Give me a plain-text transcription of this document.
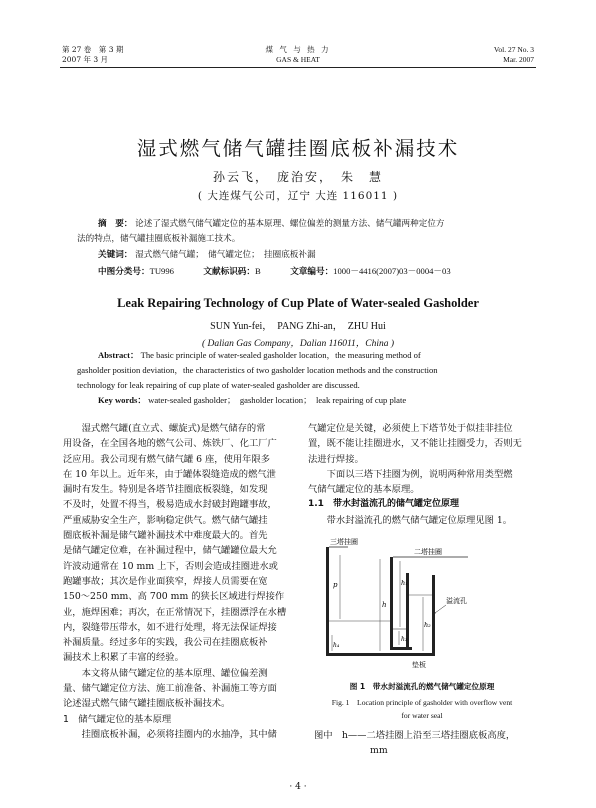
第 27 卷　第 3 期
2007 年 3 月
煤 气 与 热 力
GAS & HEAT
Vol. 27 No. 3
Mar. 2007
湿式燃气储气罐挂圈底板补漏技术
孙云飞，　庞治安，　朱　慧
( 大连煤气公司，辽宁 大连 116011 )
摘　要： 论述了湿式燃气储气罐定位的基本原理、螺位偏差的测量方法、储气罐两种定位方
法的特点，储气罐挂圈底板补漏施工技术。
关键词： 湿式燃气储气罐；　储气罐定位；　挂圈底板补漏
中图分类号：TU996	文献标识码：B	文章编号：1000－4416(2007)03－0004－03
Leak Repairing Technology of Cup Plate of Water-sealed Gasholder
SUN Yun-fei，　PANG Zhi-an，　ZHU Hui
( Dalian Gas Company，Dalian 116011，China )
Abstract： The basic principle of water-sealed gasholder location，the measuring method of
gasholder position deviation，the characteristics of two gasholder location methods and the construction
technology for leak repairing of cup plate of water-sealed gasholder are discussed.
Key words： water-sealed gasholder；　gasholder location；　leak repairing of cup plate
湿式燃气罐(直立式、螺旋式)是燃气储存的常
用设备，在全国各地的燃气公司、炼铁厂、化工厂广
泛应用。我公司现有燃气储气罐 6 座，使用年限多
在 10 年以上。近年来，由于罐体裂缝造成的燃气泄
漏时有发生。特别是各塔节挂圈底板裂缝，如发现
不及时，处置不得当，极易造成水封破封跑罐事故，
严重威胁安全生产，影响稳定供气。燃气储气罐挂
圈底板补漏是储气罐补漏技术中难度最大的。首先
是储气罐定位难，在补漏过程中，储气罐罐位最大允
许波动通常在 10 mm 上下，否则会造成挂圈进水或
跑罐事故；其次是作业面狭窄，焊接人员需要在宽
150～250 mm、高 700 mm 的狭长区域进行焊接作
业，施焊困难；再次，在正常情况下，挂圈漂浮在水槽
内，裂缝带压带水，如不进行处理，将无法保证焊接
补漏质量。经过多年的实践，我公司在挂圈底板补
漏技术上积累了丰富的经验。
本文将从储气罐定位的基本原理、罐位偏差测
量、储气罐定位方法、施工前准备、补漏施工等方面
论述湿式燃气储气罐挂圈底板补漏技术。
1　储气罐定位的基本原理
挂圈底板补漏，必须将挂圈内的水抽净，其中储
气罐定位是关键，必须使上下塔节处于似挂非挂位
置，既不能让挂圈进水，又不能让挂圈受力，否则无
法进行焊接。
下面以三塔下挂圈为例，说明两种常用类型燃
气储气罐定位的基本原理。
1.1　带水封溢流孔的储气罐定位原理
带水封溢流孔的燃气储气罐定位原理见图 1。
三塔挂圈
二塔挂圈
溢流孔
垫板
p
h
h₁
h₂
h₃
h₄
图 1　带水封溢流孔的燃气储气罐定位原理
Fig. 1　Location principle of gasholder with overflow vent
for water seal
图中　h——二塔挂圈上沿至三塔挂圈底板高度，
mm
· 4 ·
